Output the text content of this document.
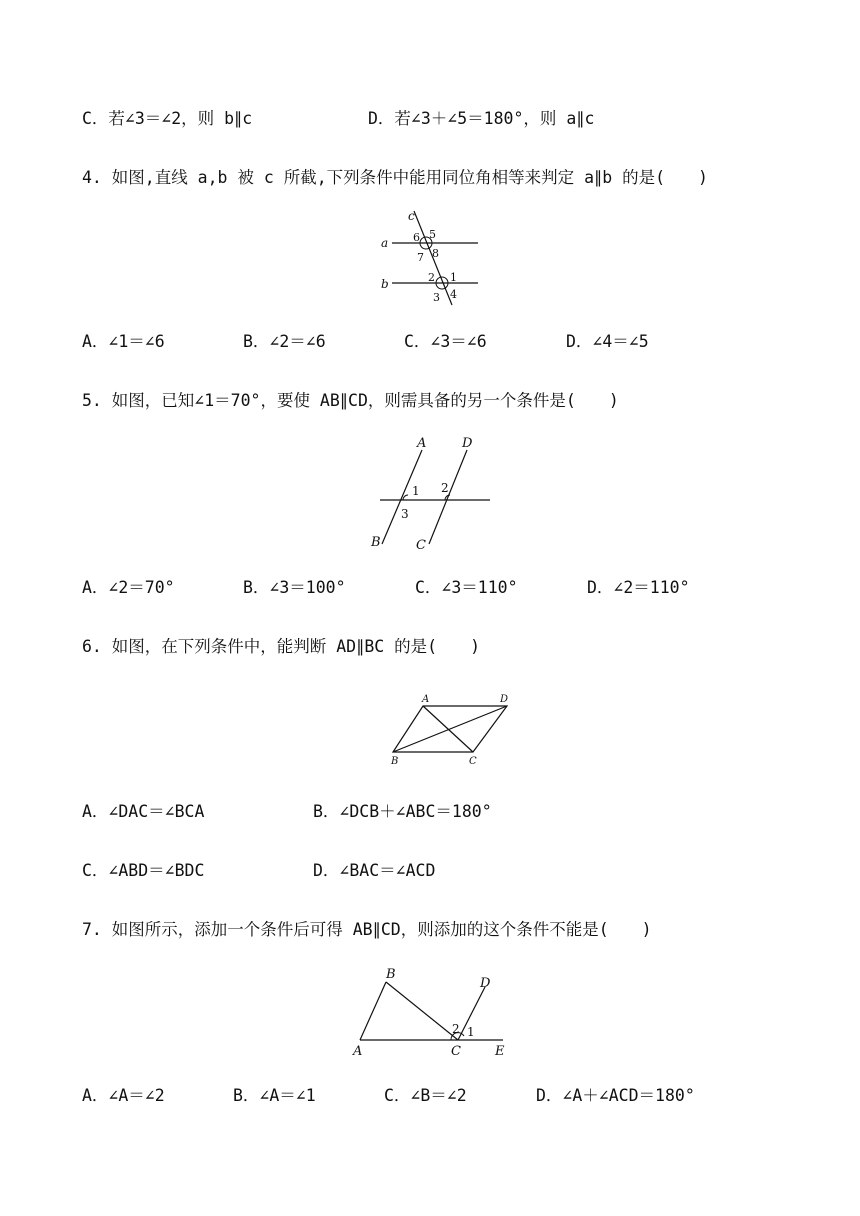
C．若∠3＝∠2，则 b∥c	D．若∠3＋∠5＝180°，则 a∥c
4. 如图,直线 a,b 被 c 所截,下列条件中能用同位角相等来判定 a∥b 的是(　　)
c
a
b
6 5
7 8
2 1
3 4
A．∠1＝∠6	B．∠2＝∠6	C．∠3＝∠6	D．∠4＝∠5
5. 如图，已知∠1＝70°，要使 AB∥CD，则需具备的另一个条件是(　　)
A	D
B	C
1 2
3
A．∠2＝70°	B．∠3＝100°	C．∠3＝110°	D．∠2＝110°
6. 如图，在下列条件中，能判断 AD∥BC 的是(　　)
A	D
B	C
A．∠DAC＝∠BCA	B．∠DCB＋∠ABC＝180°
C．∠ABD＝∠BDC	D．∠BAC＝∠ACD
7. 如图所示，添加一个条件后可得 AB∥CD，则添加的这个条件不能是(　　)
B
D
A	C	E
2 1
A．∠A＝∠2	B．∠A＝∠1	C．∠B＝∠2	D．∠A＋∠ACD＝180°
